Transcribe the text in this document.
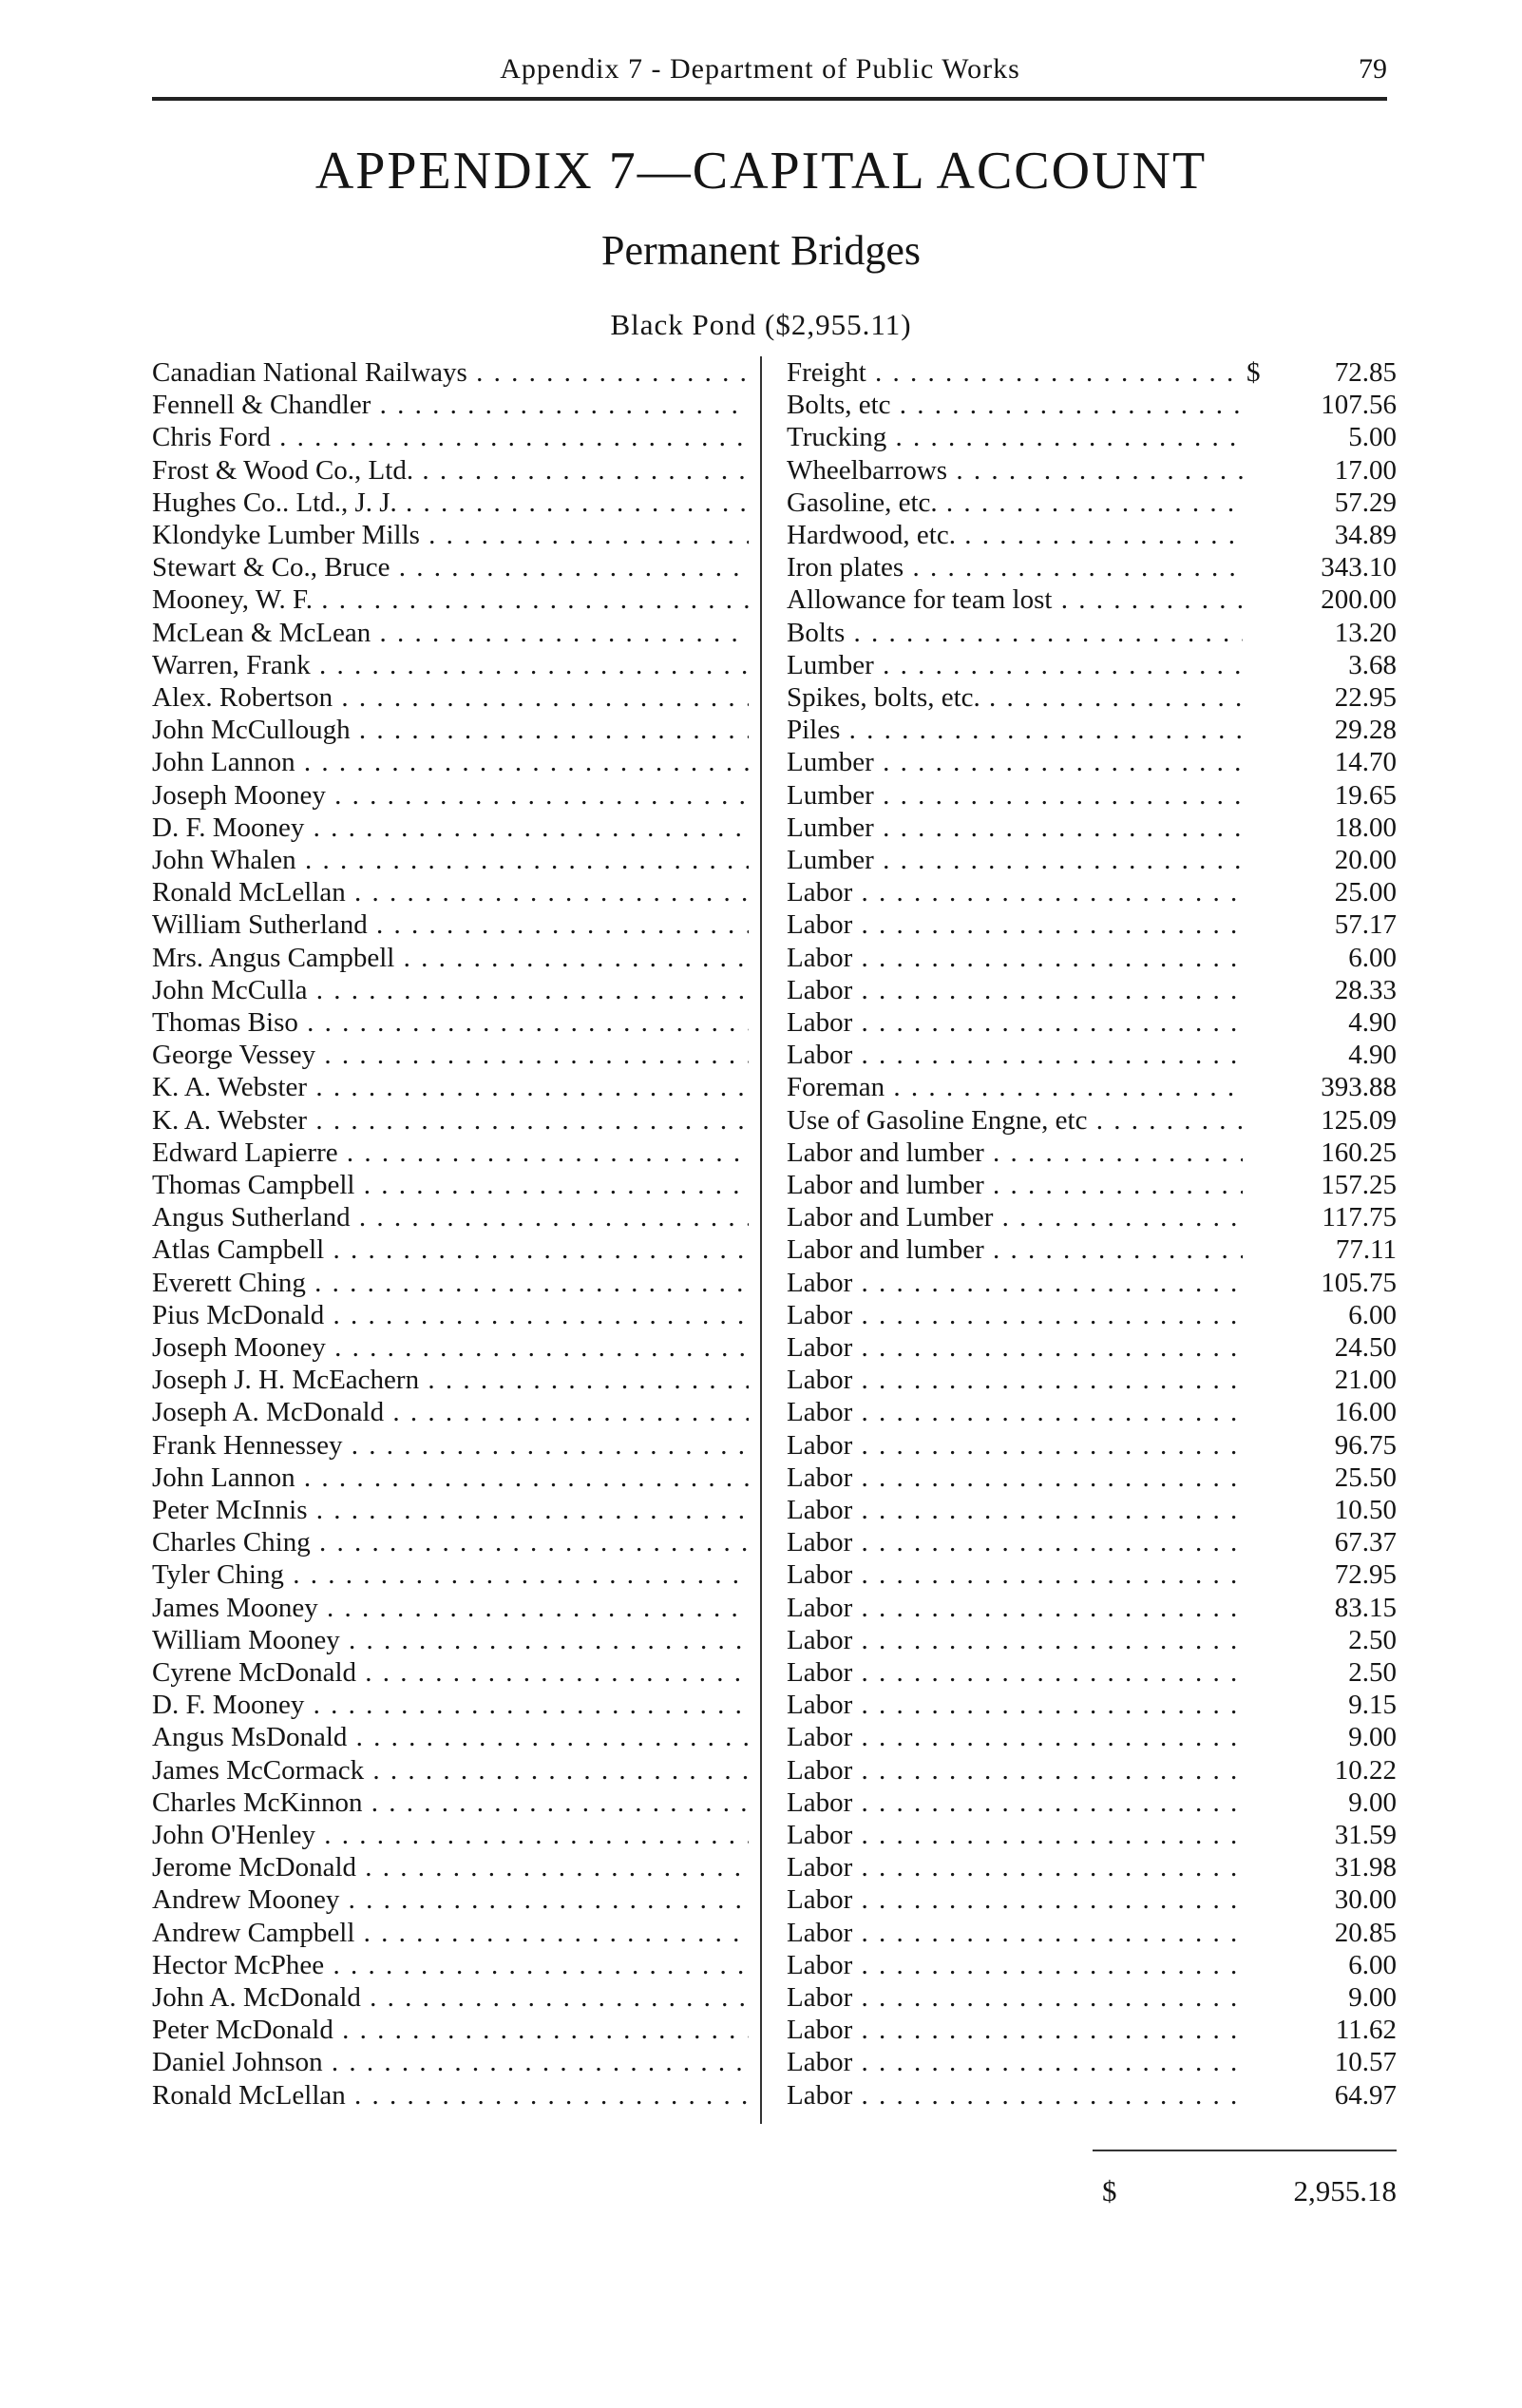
Appendix 7 - Department of Public Works	79
APPENDIX 7—CAPITAL ACCOUNT
Permanent Bridges
Black Pond ($2,955.11)
Canadian National Railways . . .	Freight . . .	$	72.85
Fennell & Chandler . . .	Bolts, etc . . .	107.56
Chris Ford . . .	Trucking . . .	5.00
Frost & Wood Co., Ltd. . . .	Wheelbarrows . . .	17.00
Hughes Co.. Ltd., J. J. . . .	Gasoline, etc. . . .	57.29
Klondyke Lumber Mills . . .	Hardwood, etc. . . .	34.89
Stewart & Co., Bruce . . .	Iron plates . . .	343.10
Mooney, W. F. . . .	Allowance for team lost . . .	200.00
McLean & McLean . . .	Bolts . . .	13.20
Warren, Frank . . .	Lumber . . .	3.68
Alex. Robertson . . .	Spikes, bolts, etc. . . .	22.95
John McCullough . . .	Piles . . .	29.28
John Lannon . . .	Lumber . . .	14.70
Joseph Mooney . . .	Lumber . . .	19.65
D. F. Mooney . . .	Lumber . . .	18.00
John Whalen . . .	Lumber . . .	20.00
Ronald McLellan . . .	Labor . . .	25.00
William Sutherland . . .	Labor . . .	57.17
Mrs. Angus Campbell . . .	Labor . . .	6.00
John McCulla . . .	Labor . . .	28.33
Thomas Biso . . .	Labor . . .	4.90
George Vessey . . .	Labor . . .	4.90
K. A. Webster . . .	Foreman . . .	393.88
K. A. Webster . . .	Use of Gasoline Engne, etc . . .	125.09
Edward Lapierre . . .	Labor and lumber . . .	160.25
Thomas Campbell . . .	Labor and lumber . . .	157.25
Angus Sutherland . . .	Labor and Lumber . . .	117.75
Atlas Campbell . . .	Labor and lumber . . .	77.11
Everett Ching . . .	Labor . . .	105.75
Pius McDonald . . .	Labor . . .	6.00
Joseph Mooney . . .	Labor . . .	24.50
Joseph J. H. McEachern . . .	Labor . . .	21.00
Joseph A. McDonald . . .	Labor . . .	16.00
Frank Hennessey . . .	Labor . . .	96.75
John Lannon . . .	Labor . . .	25.50
Peter McInnis . . .	Labor . . .	10.50
Charles Ching . . .	Labor . . .	67.37
Tyler Ching . . .	Labor . . .	72.95
James Mooney . . .	Labor . . .	83.15
William Mooney . . .	Labor . . .	2.50
Cyrene McDonald . . .	Labor . . .	2.50
D. F. Mooney . . .	Labor . . .	9.15
Angus MsDonald . . .	Labor . . .	9.00
James McCormack . . .	Labor . . .	10.22
Charles McKinnon . . .	Labor . . .	9.00
John O'Henley . . .	Labor . . .	31.59
Jerome McDonald . . .	Labor . . .	31.98
Andrew Mooney . . .	Labor . . .	30.00
Andrew Campbell . . .	Labor . . .	20.85
Hector McPhee . . .	Labor . . .	6.00
John A. McDonald . . .	Labor . . .	9.00
Peter McDonald . . .	Labor . . .	11.62
Daniel Johnson . . .	Labor . . .	10.57
Ronald McLellan . . .	Labor . . .	64.97
$	2,955.18
